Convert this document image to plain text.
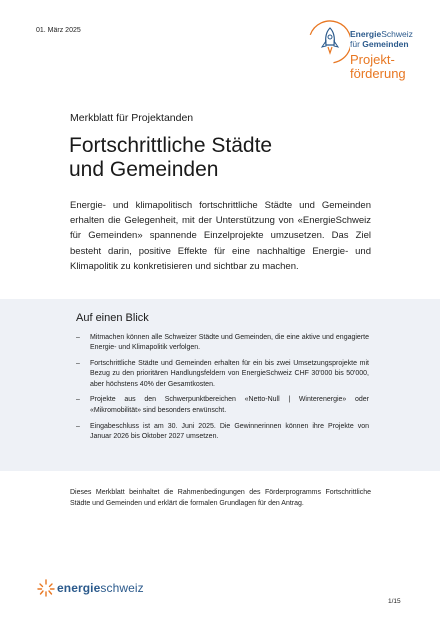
01. März 2025	EnergieSchweiz
für Gemeinden
Projekt-
förderung
Merkblatt für Projektanden
Fortschrittliche Städte
und Gemeinden

Energie- und klimapolitisch fortschrittliche Städte und Gemeinden erhalten die Gelegenheit, mit der Unterstützung von «EnergieSchweiz für Gemeinden» spannende Einzelprojekte umzusetzen. Das Ziel besteht darin, positive Effekte für eine nachhaltige Energie- und Klimapolitik zu konkretisieren und sichtbar zu machen.

Auf einen Blick
– Mitmachen können alle Schweizer Städte und Gemeinden, die eine aktive und engagierte Energie- und Klimapolitik verfolgen.
– Fortschrittliche Städte und Gemeinden erhalten für ein bis zwei Umsetzungsprojekte mit Bezug zu den prioritären Handlungsfeldern von EnergieSchweiz CHF 30'000 bis 50'000, aber höchstens 40% der Gesamtkosten.
– Projekte aus den Schwerpunktbereichen «Netto-Null | Winterenergie» oder «Mikromobilität» sind besonders erwünscht.
– Eingabeschluss ist am 30. Juni 2025. Die Gewinnerinnen können ihre Projekte von Januar 2026 bis Oktober 2027 umsetzen.

Dieses Merkblatt beinhaltet die Rahmenbedingungen des Förderprogramms Fortschrittliche Städte und Gemeinden und erklärt die formalen Grundlagen für den Antrag.

energieschweiz
1/15
